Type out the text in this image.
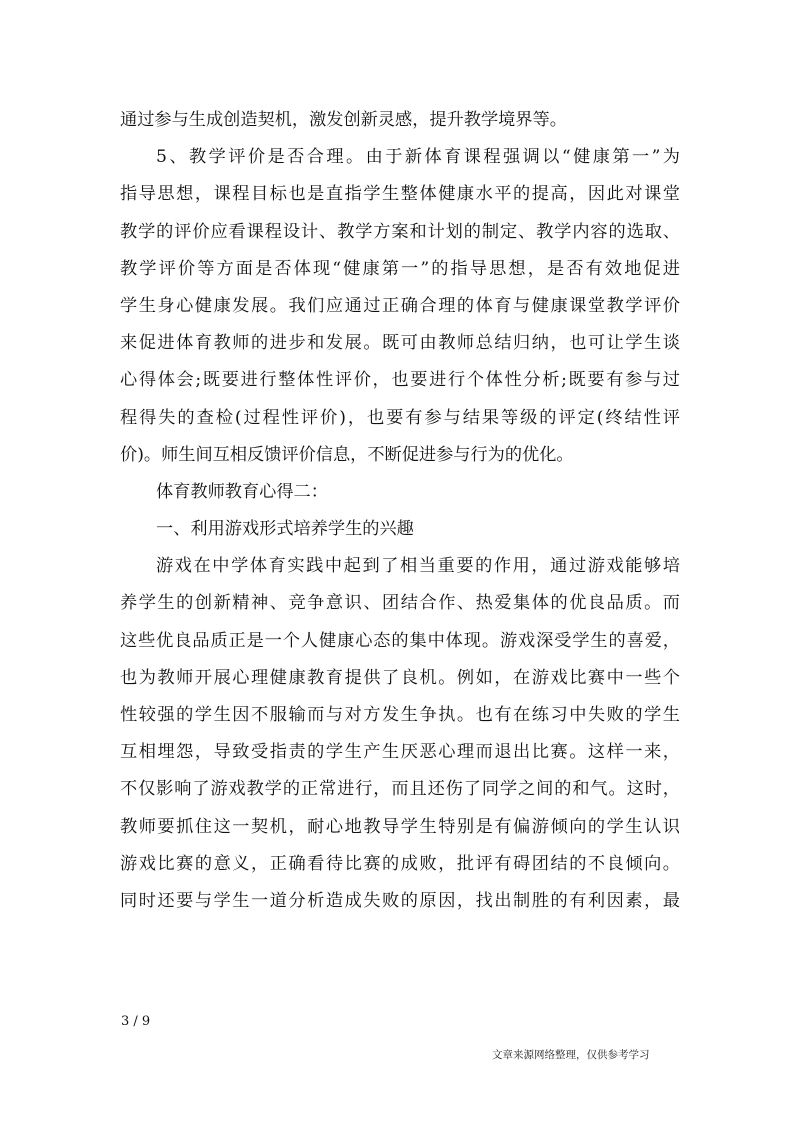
通过参与生成创造契机，激发创新灵感，提升教学境界等。
5、教学评价是否合理。由于新体育课程强调以“健康第一”为
指导思想，课程目标也是直指学生整体健康水平的提高，因此对课堂
教学的评价应看课程设计、教学方案和计划的制定、教学内容的选取、
教学评价等方面是否体现“健康第一”的指导思想，是否有效地促进
学生身心健康发展。我们应通过正确合理的体育与健康课堂教学评价
来促进体育教师的进步和发展。既可由教师总结归纳，也可让学生谈
心得体会;既要进行整体性评价，也要进行个体性分析;既要有参与过
程得失的查检(过程性评价)，也要有参与结果等级的评定(终结性评
价)。师生间互相反馈评价信息，不断促进参与行为的优化。
体育教师教育心得二：
一、利用游戏形式培养学生的兴趣
游戏在中学体育实践中起到了相当重要的作用，通过游戏能够培
养学生的创新精神、竞争意识、团结合作、热爱集体的优良品质。而
这些优良品质正是一个人健康心态的集中体现。游戏深受学生的喜爱，
也为教师开展心理健康教育提供了良机。例如，在游戏比赛中一些个
性较强的学生因不服输而与对方发生争执。也有在练习中失败的学生
互相埋怨，导致受指责的学生产生厌恶心理而退出比赛。这样一来，
不仅影响了游戏教学的正常进行，而且还伤了同学之间的和气。这时，
教师要抓住这一契机，耐心地教导学生特别是有偏游倾向的学生认识
游戏比赛的意义，正确看待比赛的成败，批评有碍团结的不良倾向。
同时还要与学生一道分析造成失败的原因，找出制胜的有利因素，最
3 / 9
文章来源网络整理，仅供参考学习
